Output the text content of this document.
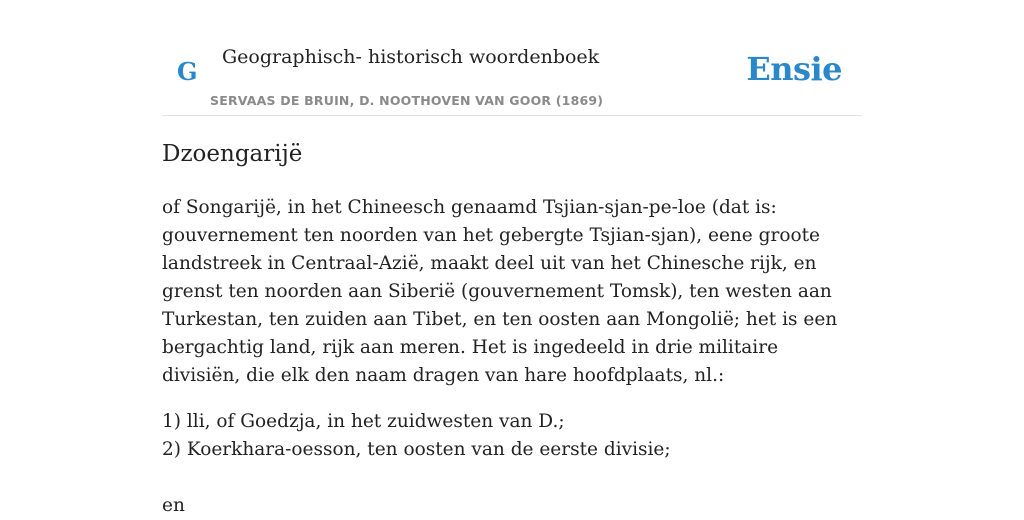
G Geographisch- historisch woordenboek
SERVAAS DE BRUIN, D. NOOTHOVEN VAN GOOR (1869)
Ensie
Dzoengarijë

of Songarijë, in het Chineesch genaamd Tsjian-sjan-pe-loe (dat is: gouvernement ten noorden van het gebergte Tsjian-sjan), eene groote landstreek in Centraal-Azië, maakt deel uit van het Chinesche rijk, en grenst ten noorden aan Siberië (gouvernement Tomsk), ten westen aan Turkestan, ten zuiden aan Tibet, en ten oosten aan Mongolië; het is een bergachtig land, rijk aan meren. Het is ingedeeld in drie militaire divisiën, die elk den naam dragen van hare hoofdplaats, nl.:

1) lli, of Goedzja, in het zuidwesten van D.;
2) Koerkhara-oesson, ten oosten van de eerste divisie;

en
